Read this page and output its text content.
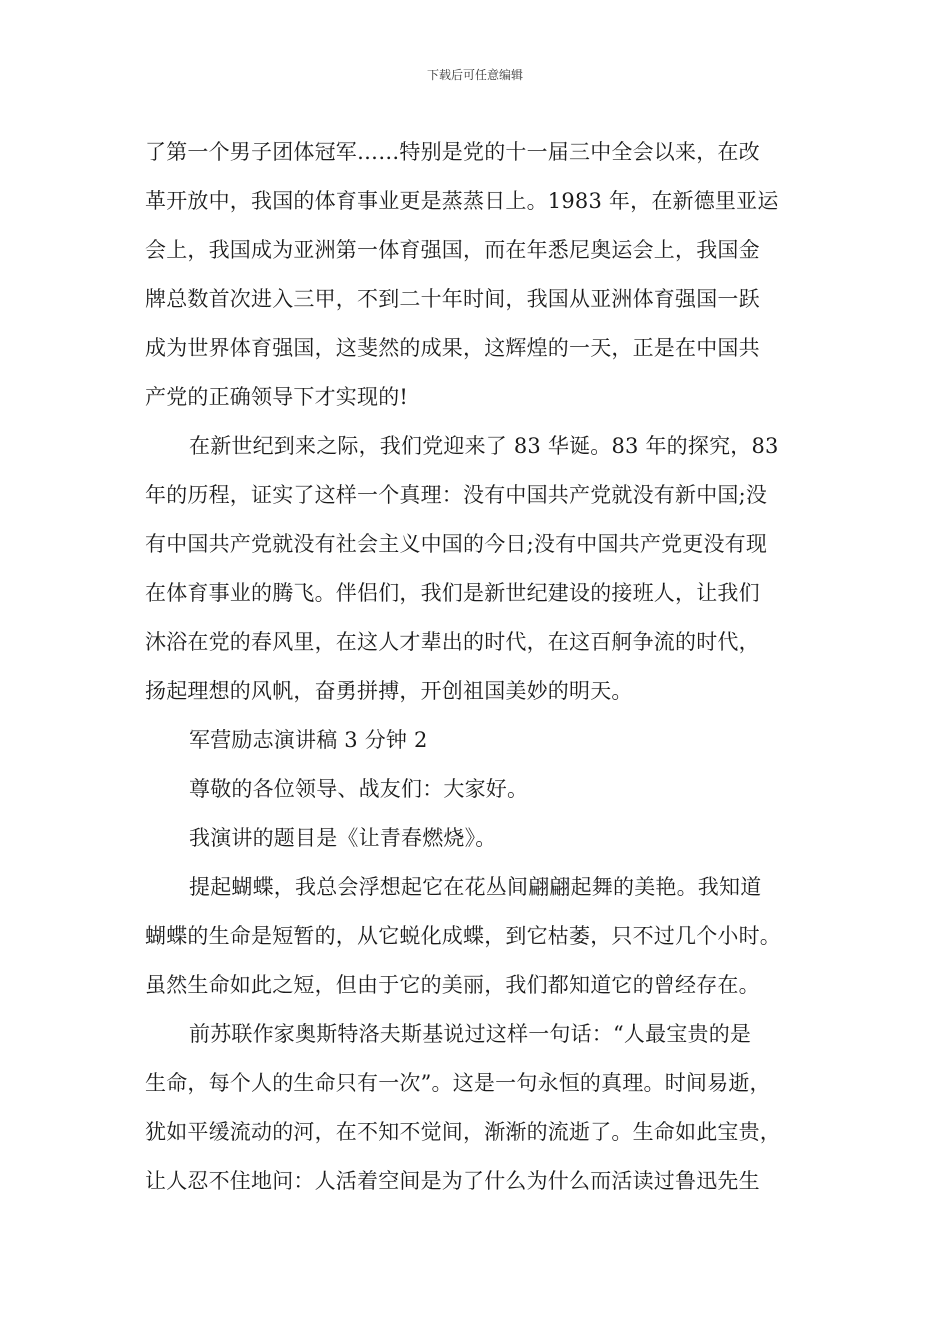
下载后可任意编辑
了第一个男子团体冠军……特别是党的十一届三中全会以来，在改
革开放中，我国的体育事业更是蒸蒸日上。1983 年，在新德里亚运
会上，我国成为亚洲第一体育强国，而在年悉尼奥运会上，我国金
牌总数首次进入三甲，不到二十年时间，我国从亚洲体育强国一跃
成为世界体育强国，这斐然的成果，这辉煌的一天，正是在中国共
产党的正确领导下才实现的!
在新世纪到来之际，我们党迎来了 83 华诞。83 年的探究，83
年的历程，证实了这样一个真理：没有中国共产党就没有新中国;没
有中国共产党就没有社会主义中国的今日;没有中国共产党更没有现
在体育事业的腾飞。伴侣们，我们是新世纪建设的接班人，让我们
沐浴在党的春风里，在这人才辈出的时代，在这百舸争流的时代，
扬起理想的风帆，奋勇拼搏，开创祖国美妙的明天。
军营励志演讲稿 3 分钟 2
尊敬的各位领导、战友们：大家好。
我演讲的题目是《让青春燃烧》。
提起蝴蝶，我总会浮想起它在花丛间翩翩起舞的美艳。我知道
蝴蝶的生命是短暂的，从它蜕化成蝶，到它枯萎，只不过几个小时。
虽然生命如此之短，但由于它的美丽，我们都知道它的曾经存在。
前苏联作家奥斯特洛夫斯基说过这样一句话：“人最宝贵的是
生命，每个人的生命只有一次”。这是一句永恒的真理。时间易逝，
犹如平缓流动的河，在不知不觉间，渐渐的流逝了。生命如此宝贵，
让人忍不住地问：人活着空间是为了什么为什么而活读过鲁迅先生
